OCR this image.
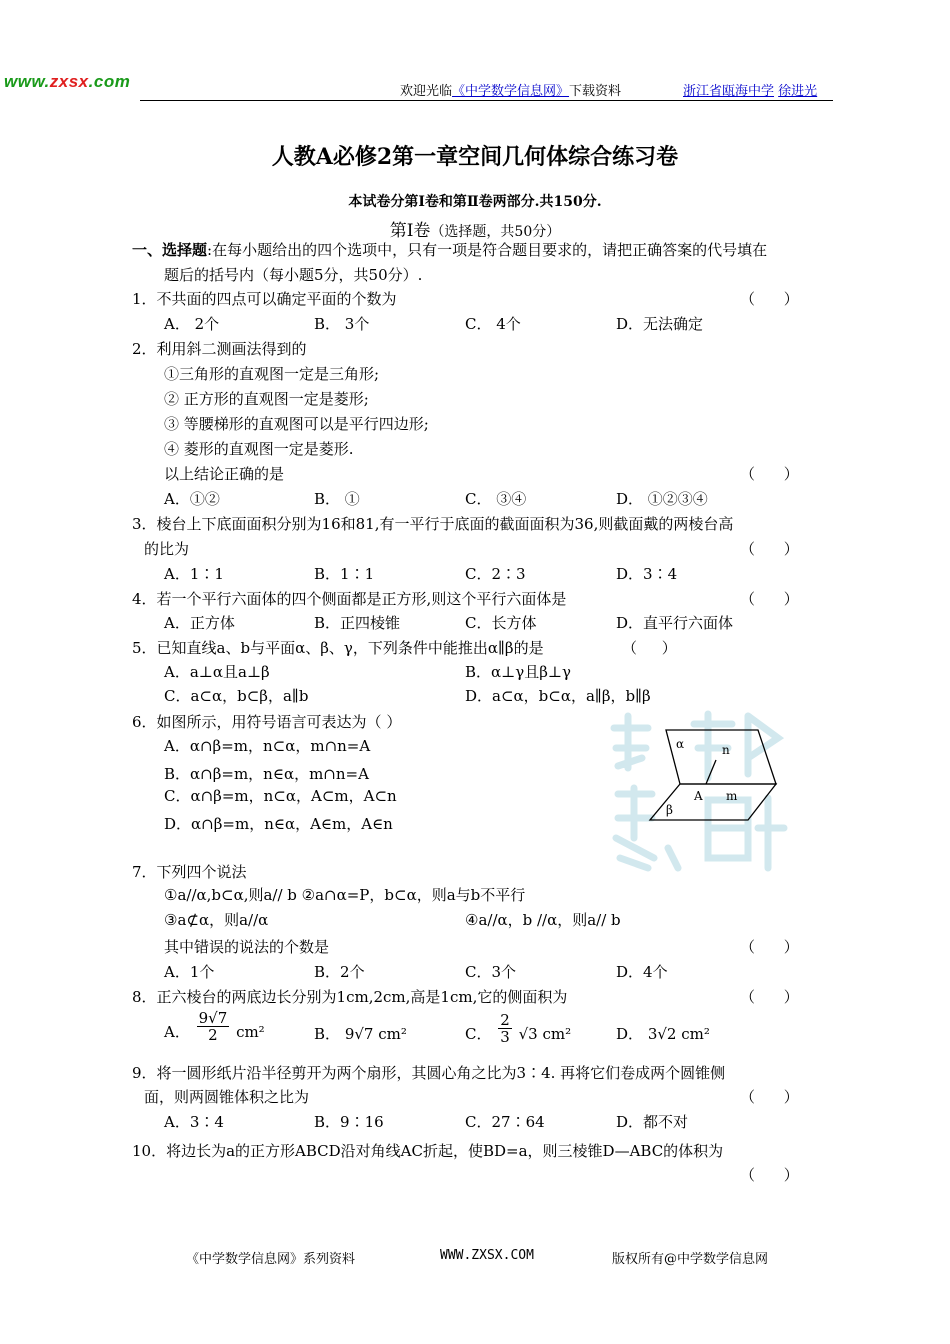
www.zxsx.com
欢迎光临《中学数学信息网》下载资料	浙江省瓯海中学 徐进光
人教A必修2第一章空间几何体综合练习卷
本试卷分第Ⅰ卷和第Ⅱ卷两部分.共150分.
第Ⅰ卷（选择题，共50分）
一、选择题:在每小题给出的四个选项中，只有一项是符合题目要求的，请把正确答案的代号填在
题后的括号内（每小题5分，共50分）.
1．不共面的四点可以确定平面的个数为	（ ）
A． 2个	B． 3个	C． 4个	D．无法确定
2．利用斜二测画法得到的
①三角形的直观图一定是三角形;
② 正方形的直观图一定是菱形;
③ 等腰梯形的直观图可以是平行四边形;
④ 菱形的直观图一定是菱形.
以上结论正确的是	（ ）
A．①②	B． ①	C． ③④	D． ①②③④
3．棱台上下底面面积分别为16和81,有一平行于底面的截面面积为36,则截面戴的两棱台高
的比为	（ ）
A．1∶1	B．1∶1	C．2∶3	D．3∶4
4．若一个平行六面体的四个侧面都是正方形,则这个平行六面体是	（ ）
A．正方体	B．正四棱锥	C．长方体	D．直平行六面体
5．已知直线a、b与平面α、β、γ，下列条件中能推出α∥β的是	（ ）
A．a⊥α且a⊥β	B．α⊥γ且β⊥γ
C．a⊂α，b⊂β，a∥b	D．a⊂α，b⊂α，a∥β，b∥β
6．如图所示，用符号语言可表达为（ ）
A．α∩β=m，n⊂α，m∩n=A
B．α∩β=m，n∈α，m∩n=A
C．α∩β=m，n⊂α，A⊂m，A⊂n
D．α∩β=m，n∈α，A∈m，A∈n
α	n
A m
β
7．下列四个说法
①a//α,b⊂α,则a// b ②a∩α=P，b⊂α，则a与b不平行
③a⊄α，则a//α	④a//α，b //α，则a// b
其中错误的说法的个数是	（ ）
A．1个	B．2个	C．3个	D．4个
8．正六棱台的两底边长分别为1cm,2cm,高是1cm,它的侧面积为	（ ）
A． $\frac{9√7}{2} cm^2$	B． 9√7 cm²	C． $\frac{2}{3} √3$ cm²	D． 3√2 cm²
9．将一圆形纸片沿半径剪开为两个扇形，其圆心角之比为3∶4. 再将它们卷成两个圆锥侧
面，则两圆锥体积之比为	（ ）
A．3∶4	B．9∶16	C．27∶64	D．都不对
10．将边长为a的正方形ABCD沿对角线AC折起，使BD=a，则三棱锥D—ABC的体积为
（ ）
《中学数学信息网》系列资料	WWW.ZXSX.COM	版权所有@中学数学信息网
